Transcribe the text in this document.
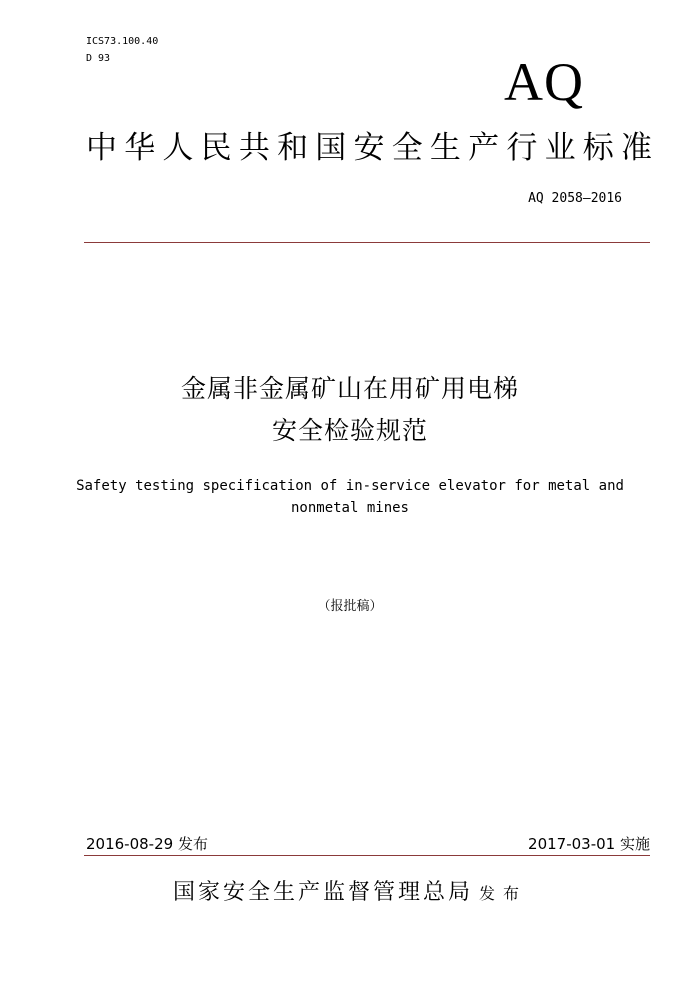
ICS73.100.40
D 93	AQ
中华人民共和国安全生产行业标准
AQ 2058—2016
金属非金属矿山在用矿用电梯
安全检验规范
Safety testing specification of in-service elevator for metal and
nonmetal mines
（报批稿）
2016-08-29 发布	2017-03-01 实施
国家安全生产监督管理总局 发布
